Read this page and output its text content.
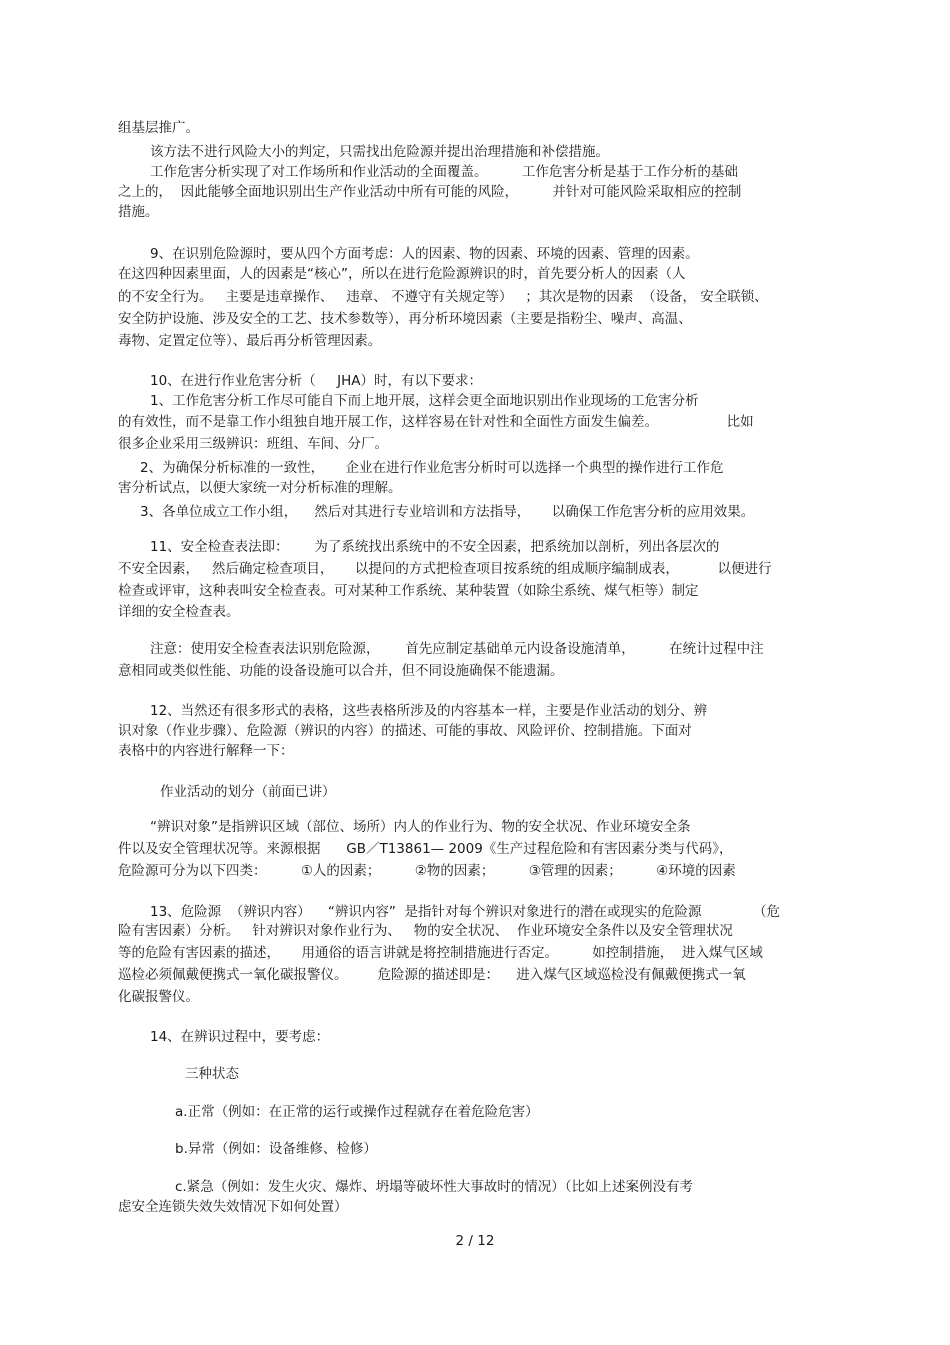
组基层推广。
该方法不进行风险大小的判定，只需找出危险源并提出治理措施和补偿措施。
工作危害分析实现了对工作场所和作业活动的全面覆盖。        工作危害分析是基于工作分析的基础
之上的，  因此能够全面地识别出生产作业活动中所有可能的风险，        并针对可能风险采取相应的控制
措施。
9、在识别危险源时，要从四个方面考虑：人的因素、物的因素、环境的因素、管理的因素。
在这四种因素里面，人的因素是“核心”，所以在进行危险源辨识的时，首先要分析人的因素（人
的不安全行为。   主要是违章操作、   违章、 不遵守有关规定等）   ；其次是物的因素  （设备， 安全联锁、
安全防护设施、涉及安全的工艺、技术参数等），再分析环境因素（主要是指粉尘、噪声、高温、
毒物、定置定位等）、最后再分析管理因素。
10、在进行作业危害分析（     JHA）时，有以下要求：
1、工作危害分析工作尽可能自下而上地开展，这样会更全面地识别出作业现场的工危害分析
的有效性，而不是靠工作小组独自地开展工作，这样容易在针对性和全面性方面发生偏差。                比如
很多企业采用三级辨识：班组、车间、分厂。
2、为确保分析标准的一致性，     企业在进行作业危害分析时可以选择一个典型的操作进行工作危
害分析试点，以便大家统一对分析标准的理解。
3、各单位成立工作小组，    然后对其进行专业培训和方法指导，     以确保工作危害分析的应用效果。
11、安全检查表法即：      为了系统找出系统中的不安全因素，把系统加以剖析，列出各层次的
不安全因素，   然后确定检查项目，     以提问的方式把检查项目按系统的组成顺序编制成表，         以便进行
检查或评审，这种表叫安全检查表。可对某种工作系统、某种装置（如除尘系统、煤气柜等）制定
详细的安全检查表。
注意：使用安全检查表法识别危险源，      首先应制定基础单元内设备设施清单，        在统计过程中注
意相同或类似性能、功能的设备设施可以合并，但不同设施确保不能遗漏。
12、当然还有很多形式的表格，这些表格所涉及的内容基本一样，主要是作业活动的划分、辨
识对象（作业步骤）、危险源（辨识的内容）的描述、可能的事故、风险评价、控制措施。下面对
表格中的内容进行解释一下：
作业活动的划分（前面已讲）
“辨识对象”是指辨识区域（部位、场所）内人的作业行为、物的安全状况、作业环境安全条
件以及安全管理状况等。来源根据      GB／T13861— 2009《生产过程危险和有害因素分类与代码》，
危险源可分为以下四类：        ①人的因素；        ②物的因素；        ③管理的因素；        ④环境的因素
13、危险源  （辨识内容）    “辨识内容”  是指针对每个辨识对象进行的潜在或现实的危险源            （危
险有害因素）分析。   针对辨识对象作业行为、   物的安全状况、  作业环境安全条件以及安全管理状况
等的危险有害因素的描述，     用通俗的语言讲就是将控制措施进行否定。        如控制措施，  进入煤气区域
巡检必须佩戴便携式一氧化碳报警仪。       危险源的描述即是：    进入煤气区域巡检没有佩戴便携式一氧
化碳报警仪。
14、在辨识过程中，要考虑：
三种状态
a.正常（例如：在正常的运行或操作过程就存在着危险危害）
b.异常（例如：设备维修、检修）
c.紧急（例如：发生火灾、爆炸、坍塌等破坏性大事故时的情况）（比如上述案例没有考
虑安全连锁失效失效情况下如何处置）
2 / 12
